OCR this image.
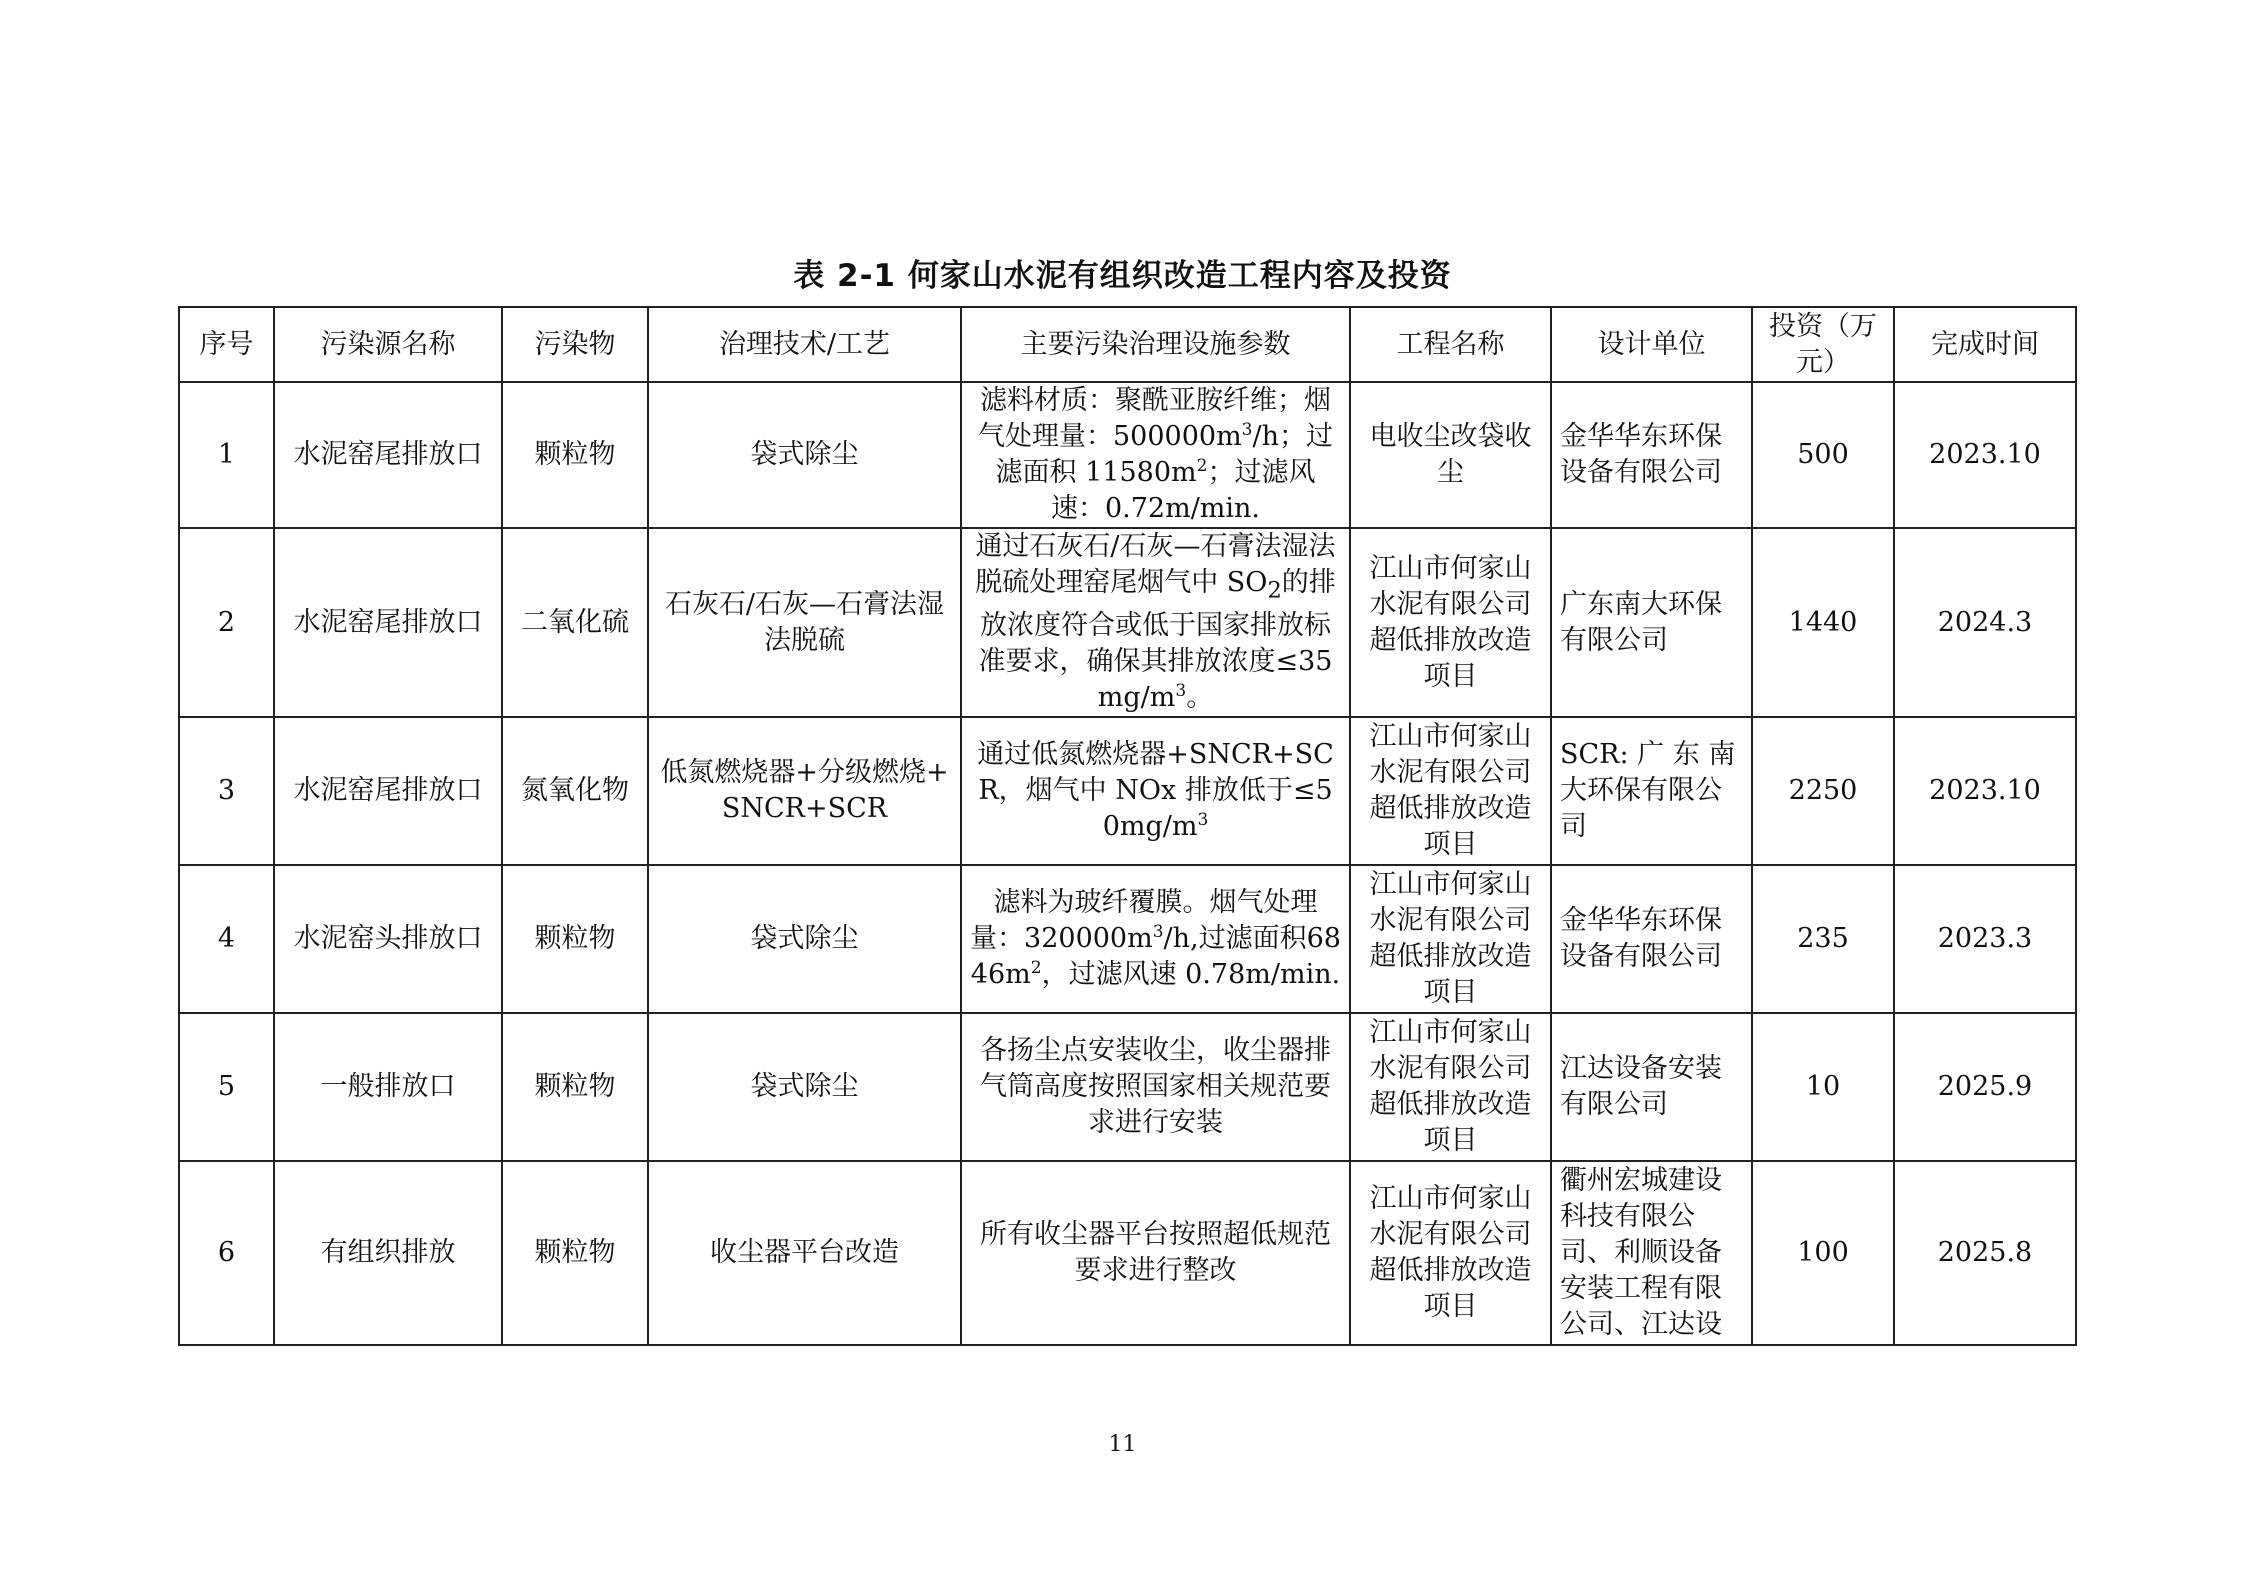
表 2-1 何家山水泥有组织改造工程内容及投资
序号	污染源名称	污染物	治理技术/工艺	主要污染治理设施参数	工程名称	设计单位	投资（万元）	完成时间
1	水泥窑尾排放口	颗粒物	袋式除尘	滤料材质：聚酰亚胺纤维；烟气处理量：$500000m^3/h$；过滤面积 $11580m^2$；过滤风速：0.72m/min.	电收尘改袋收尘	金华华东环保设备有限公司	500	2023.10
2	水泥窑尾排放口	二氧化硫	石灰石/石灰—石膏法湿法脱硫	通过石灰石/石灰—石膏法湿法脱硫处理窑尾烟气中 $SO_2$的排放浓度符合或低于国家排放标准要求，确保其排放浓度$\le 35mg/m^3$。	江山市何家山水泥有限公司超低排放改造项目	广东南大环保有限公司	1440	2024.3
3	水泥窑尾排放口	氮氧化物	低氮燃烧器+分级燃烧+SNCR+SCR	通过低氮燃烧器+SNCR+SCR，烟气中 NOx 排放低于$\le 50mg/m^3$	江山市何家山水泥有限公司超低排放改造项目	SCR: 广 东 南大环保有限公司	2250	2023.10
4	水泥窑头排放口	颗粒物	袋式除尘	滤料为玻纤覆膜。烟气处理量：$320000m^3/h$,过滤面积$6846m^2$，过滤风速 0.78m/min.	江山市何家山水泥有限公司超低排放改造项目	金华华东环保设备有限公司	235	2023.3
5	一般排放口	颗粒物	袋式除尘	各扬尘点安装收尘，收尘器排气筒高度按照国家相关规范要求进行安装	江山市何家山水泥有限公司超低排放改造项目	江达设备安装有限公司	10	2025.9
6	有组织排放	颗粒物	收尘器平台改造	所有收尘器平台按照超低规范要求进行整改	江山市何家山水泥有限公司超低排放改造项目	衢州宏城建设科技有限公司、利顺设备安装工程有限公司、江达设	100	2025.8
11
